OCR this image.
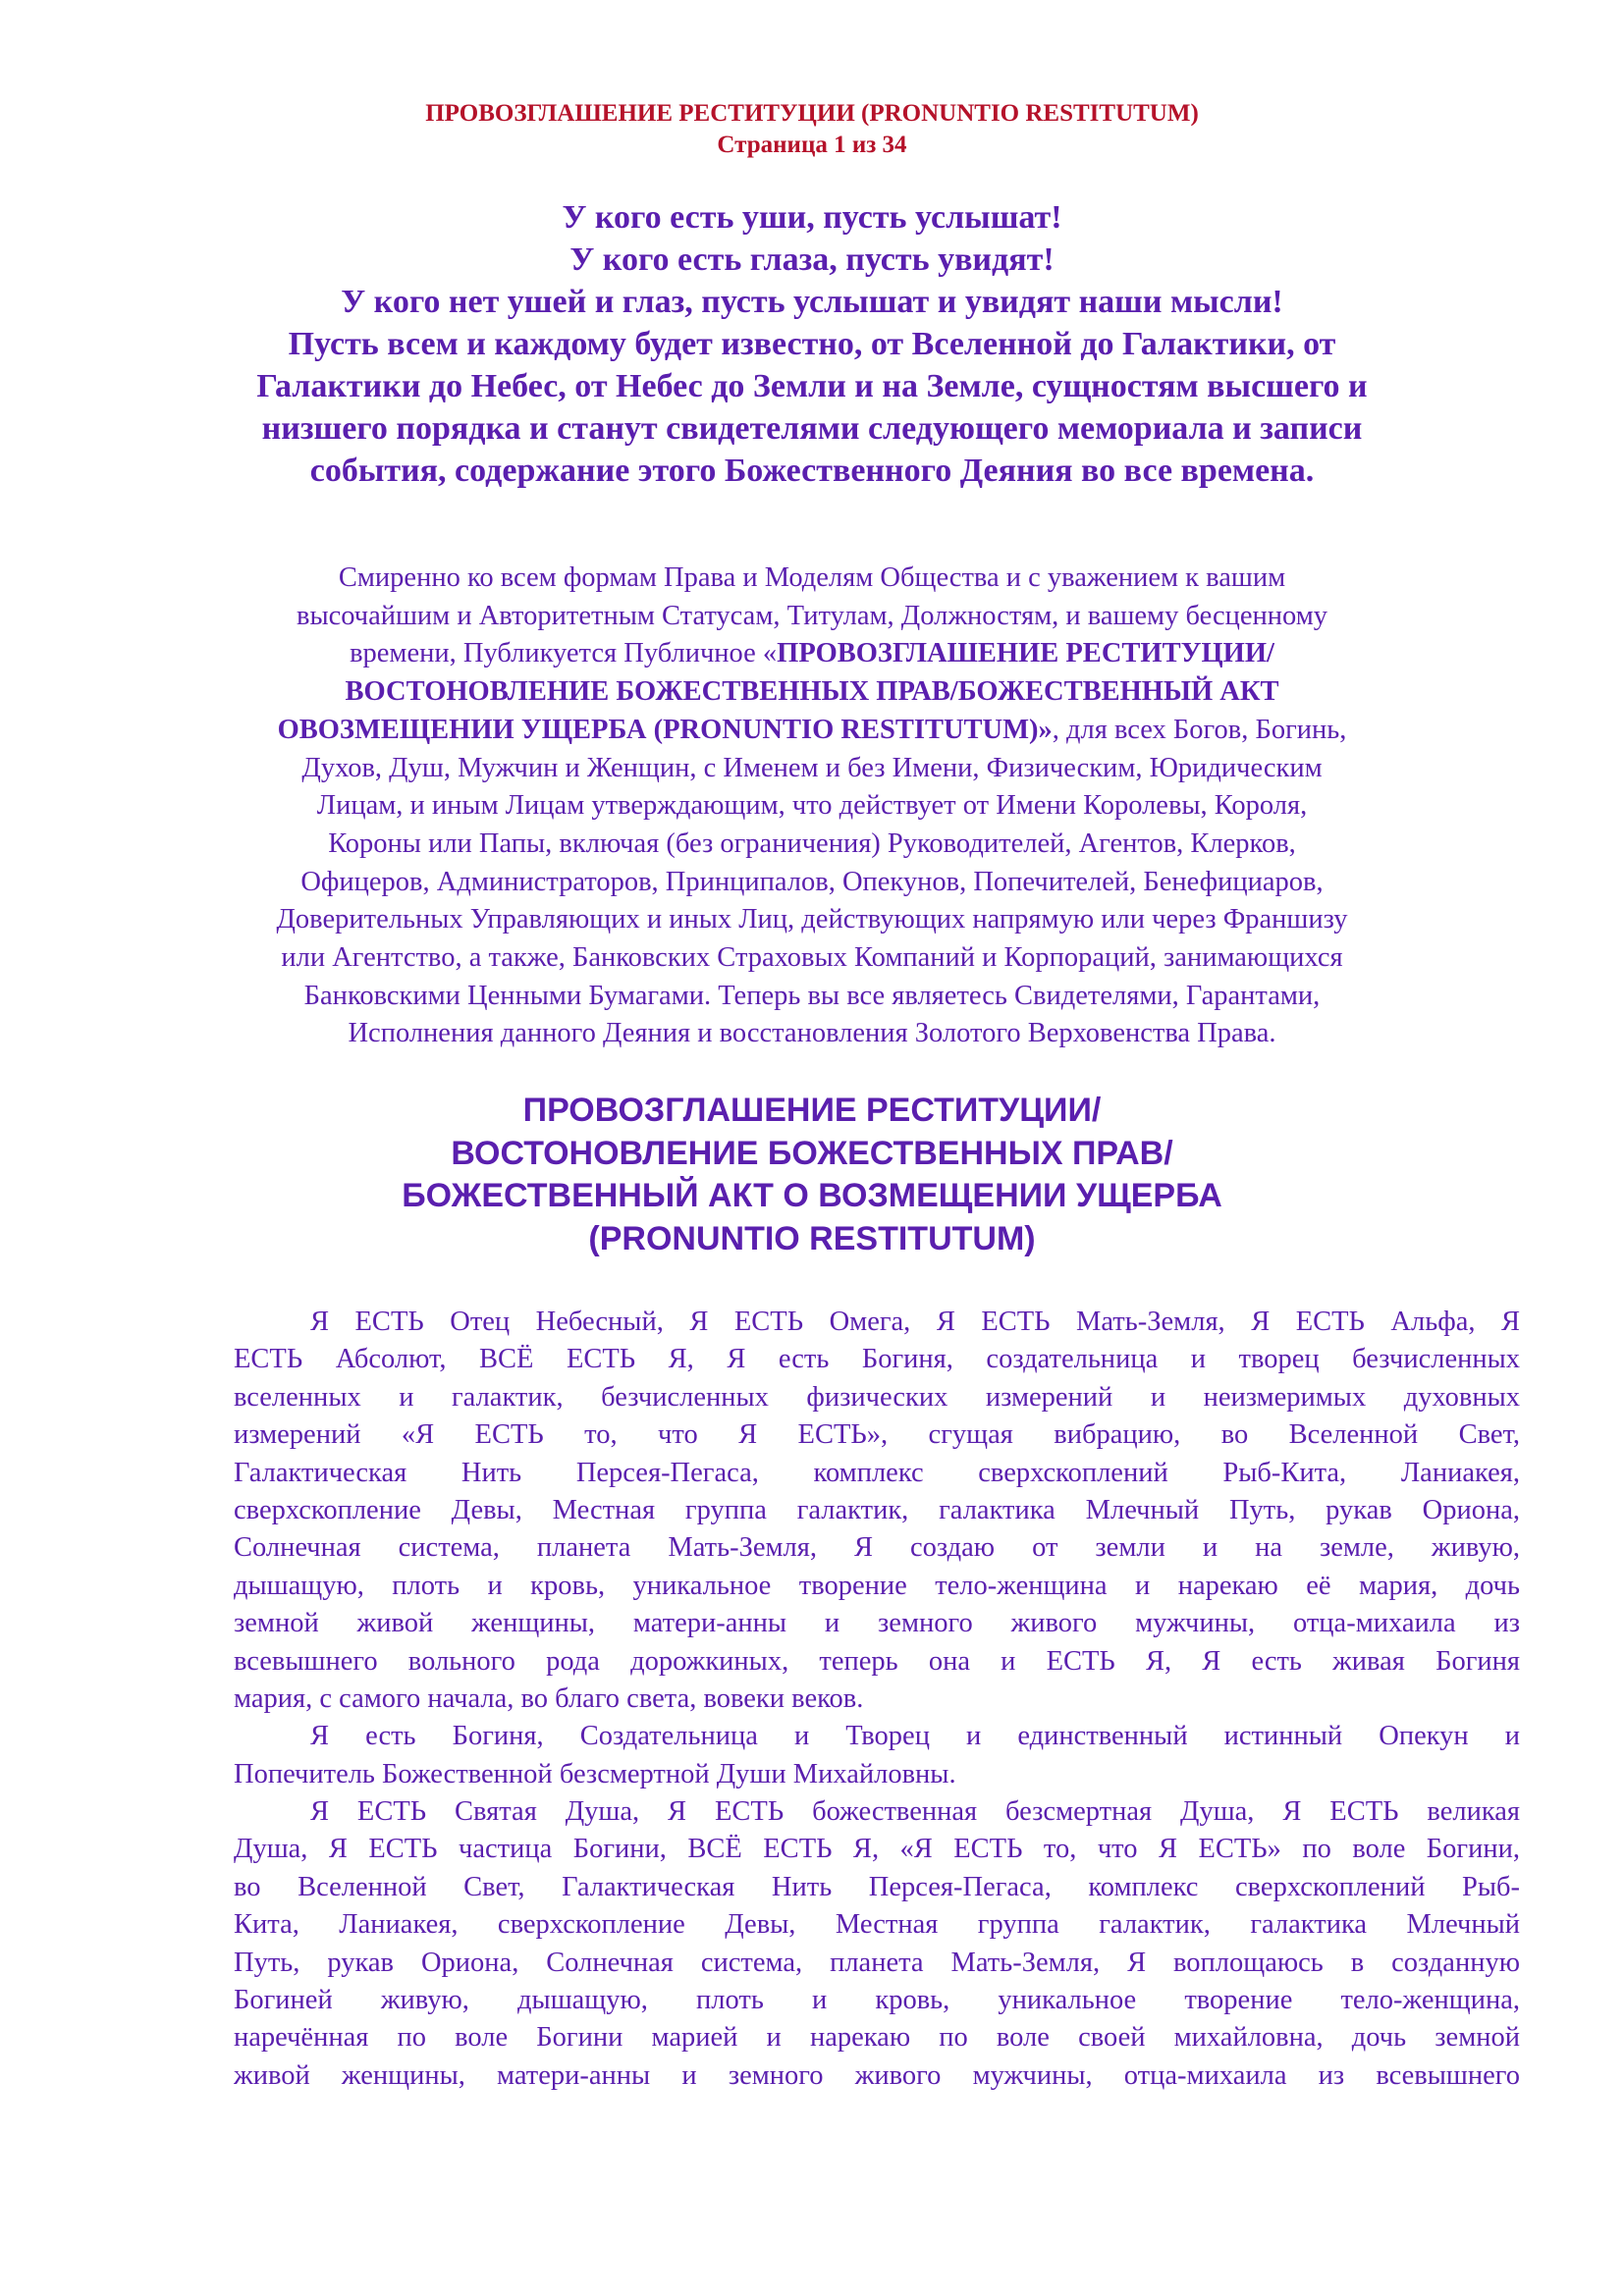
ПРОВОЗГЛАШЕНИЕ РЕСТИТУЦИИ (PRONUNTIO RESTITUTUM)
Страница 1 из 34
У кого есть уши, пусть услышат!
У кого есть глаза, пусть увидят!
У кого нет ушей и глаз, пусть услышат и увидят наши мысли!
Пусть всем и каждому будет известно, от Вселенной до Галактики, от
Галактики до Небес, от Небес до Земли и на Земле, сущностям высшего и
низшего порядка и станут свидетелями следующего мемориала и записи
события, содержание этого Божественного Деяния во все времена.
Смиренно ко всем формам Права и Моделям Общества и с уважением к вашим
высочайшим и Авторитетным Статусам, Титулам, Должностям, и вашему бесценному
времени, Публикуется Публичное «ПРОВОЗГЛАШЕНИЕ РЕСТИТУЦИИ/
ВОСТОНОВЛЕНИЕ БОЖЕСТВЕННЫХ ПРАВ/БОЖЕСТВЕННЫЙ АКТ
ОВОЗМЕЩЕНИИ УЩЕРБА (PRONUNTIO RESTITUTUM)», для всех Богов, Богинь,
Духов, Душ, Мужчин и Женщин, с Именем и без Имени, Физическим, Юридическим
Лицам, и иным Лицам утверждающим, что действует от Имени Королевы, Короля,
Короны или Папы, включая (без ограничения) Руководителей, Агентов, Клерков,
Офицеров, Администраторов, Принципалов, Опекунов, Попечителей, Бенефициаров,
Доверительных Управляющих и иных Лиц, действующих напрямую или через Франшизу
или Агентство, а также, Банковских Страховых Компаний и Корпораций, занимающихся
Банковскими Ценными Бумагами. Теперь вы все являетесь Свидетелями, Гарантами,
Исполнения данного Деяния и восстановления Золотого Верховенства Права.
ПРОВОЗГЛАШЕНИЕ РЕСТИТУЦИИ/
ВОСТОНОВЛЕНИЕ БОЖЕСТВЕННЫХ ПРАВ/
БОЖЕСТВЕННЫЙ АКТ О ВОЗМЕЩЕНИИ УЩЕРБА
(PRONUNTIO RESTITUTUM)
Я ЕСТЬ Отец Небесный, Я ЕСТЬ Омега, Я ЕСТЬ Мать-Земля, Я ЕСТЬ Альфа, Я
ЕСТЬ Абсолют, ВСЁ ЕСТЬ Я, Я есть Богиня, создательница и творец безчисленных
вселенных и галактик, безчисленных физических измерений и неизмеримых духовных
измерений «Я ЕСТЬ то, что Я ЕСТЬ», сгущая вибрацию, во Вселенной Свет,
Галактическая Нить Персея-Пегаса, комплекс сверхскоплений Рыб-Кита, Ланиакея,
сверхскопление Девы, Местная группа галактик, галактика Млечный Путь, рукав Ориона,
Солнечная система, планета Мать-Земля, Я создаю от земли и на земле, живую,
дышащую, плоть и кровь, уникальное творение тело-женщина и нарекаю её мария, дочь
земной живой женщины, матери-анны и земного живого мужчины, отца-михаила из
всевышнего вольного рода дорожкиных, теперь она и ЕСТЬ Я, Я есть живая Богиня
мария, с самого начала, во благо света, вовеки веков.
Я есть Богиня, Создательница и Творец и единственный истинный Опекун и
Попечитель Божественной безсмертной Души Михайловны.
Я ЕСТЬ Святая Душа, Я ЕСТЬ божественная безсмертная Душа, Я ЕСТЬ великая
Душа, Я ЕСТЬ частица Богини, ВСЁ ЕСТЬ Я, «Я ЕСТЬ то, что Я ЕСТЬ» по воле Богини,
во Вселенной Свет, Галактическая Нить Персея-Пегаса, комплекс сверхскоплений Рыб-
Кита, Ланиакея, сверхскопление Девы, Местная группа галактик, галактика Млечный
Путь, рукав Ориона, Солнечная система, планета Мать-Земля, Я воплощаюсь в созданную
Богиней живую, дышащую, плоть и кровь, уникальное творение тело-женщина,
наречённая по воле Богини марией и нарекаю по воле своей михайловна, дочь земной
живой женщины, матери-анны и земного живого мужчины, отца-михаила из всевышнего
